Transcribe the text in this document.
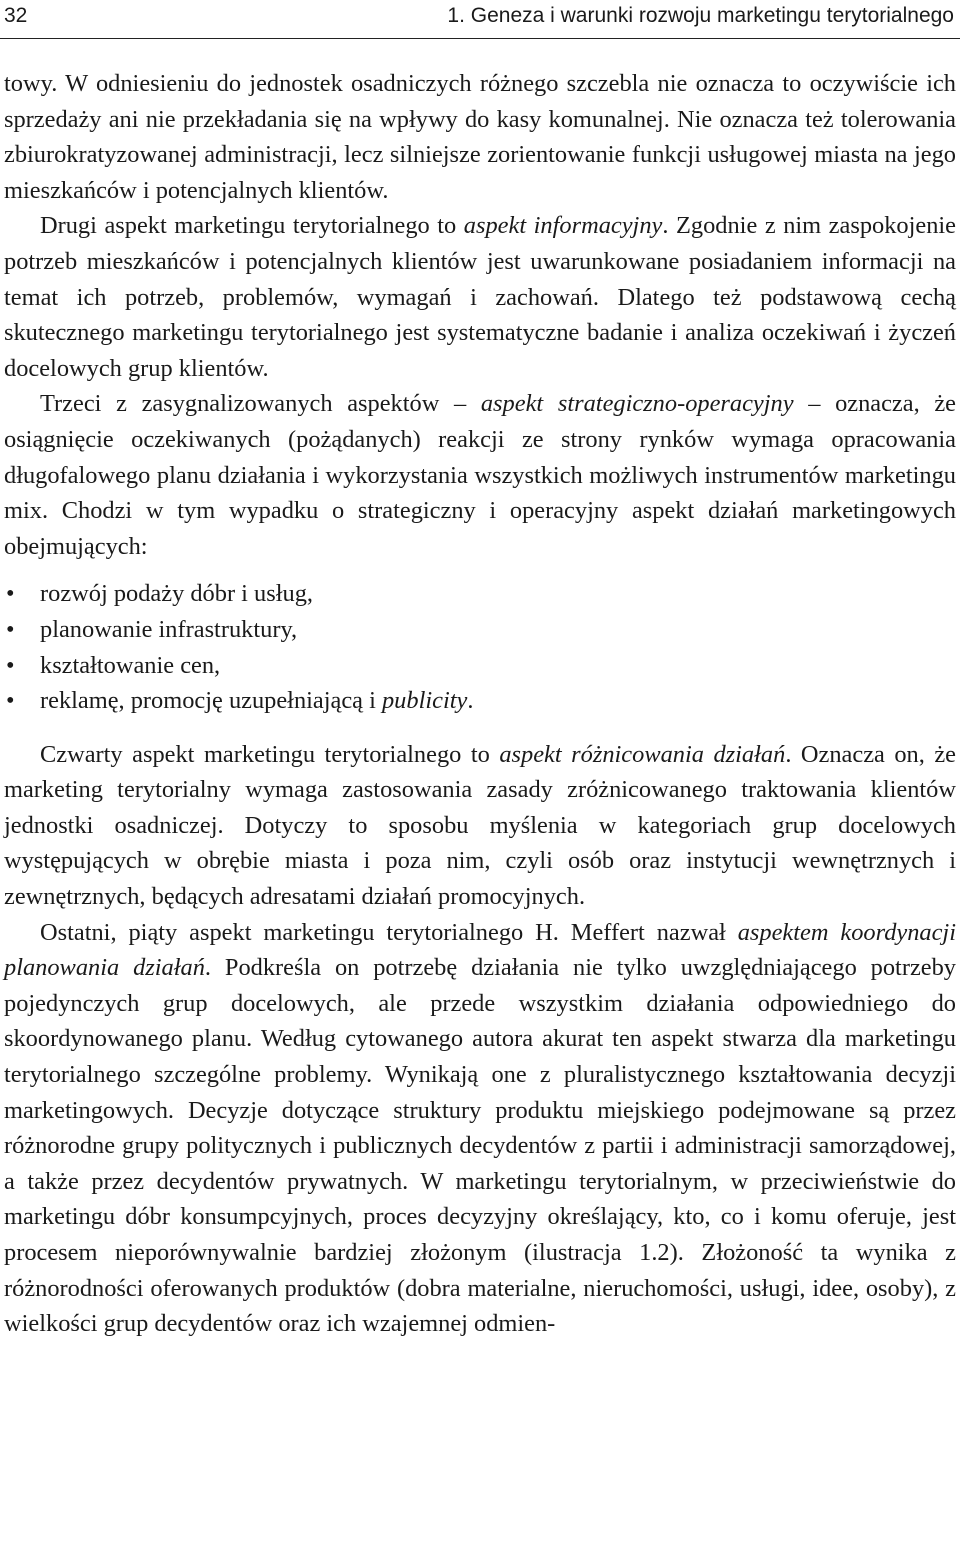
32	1. Geneza i warunki rozwoju marketingu terytorialnego

towy. W odniesieniu do jednostek osadniczych różnego szczebla nie oznacza to oczywiście ich sprzedaży ani nie przekładania się na wpływy do kasy komunalnej. Nie oznacza też tolerowania zbiurokratyzowanej administracji, lecz silniejsze zorientowanie funkcji usługowej miasta na jego mieszkańców i potencjalnych klientów.

Drugi aspekt marketingu terytorialnego to aspekt informacyjny. Zgodnie z nim zaspokojenie potrzeb mieszkańców i potencjalnych klientów jest uwarunkowane posiadaniem informacji na temat ich potrzeb, problemów, wymagań i zachowań. Dlatego też podstawową cechą skutecznego marketingu terytorialnego jest systematyczne badanie i analiza oczekiwań i życzeń docelowych grup klientów.

Trzeci z zasygnalizowanych aspektów – aspekt strategiczno-operacyjny – oznacza, że osiągnięcie oczekiwanych (pożądanych) reakcji ze strony rynków wymaga opracowania długofalowego planu działania i wykorzystania wszystkich możliwych instrumentów marketingu mix. Chodzi w tym wypadku o strategiczny i operacyjny aspekt działań marketingowych obejmujących:

• rozwój podaży dóbr i usług,
• planowanie infrastruktury,
• kształtowanie cen,
• reklamę, promocję uzupełniającą i publicity.

Czwarty aspekt marketingu terytorialnego to aspekt różnicowania działań. Oznacza on, że marketing terytorialny wymaga zastosowania zasady zróżnicowanego traktowania klientów jednostki osadniczej. Dotyczy to sposobu myślenia w kategoriach grup docelowych występujących w obrębie miasta i poza nim, czyli osób oraz instytucji wewnętrznych i zewnętrznych, będących adresatami działań promocyjnych.

Ostatni, piąty aspekt marketingu terytorialnego H. Meffert nazwał aspektem koordynacji planowania działań. Podkreśla on potrzebę działania nie tylko uwzględniającego potrzeby pojedynczych grup docelowych, ale przede wszystkim działania odpowiedniego do skoordynowanego planu. Według cytowanego autora akurat ten aspekt stwarza dla marketingu terytorialnego szczególne problemy. Wynikają one z pluralistycznego kształtowania decyzji marketingowych. Decyzje dotyczące struktury produktu miejskiego podejmowane są przez różnorodne grupy politycznych i publicznych decydentów z partii i administracji samorządowej, a także przez decydentów prywatnych. W marketingu terytorialnym, w przeciwieństwie do marketingu dóbr konsumpcyjnych, proces decyzyjny określający, kto, co i komu oferuje, jest procesem nieporównywalnie bardziej złożonym (ilustracja 1.2). Złożoność ta wynika z różnorodności oferowanych produktów (dobra materialne, nieruchomości, usługi, idee, osoby), z wielkości grup decydentów oraz ich wzajemnej odmien-
